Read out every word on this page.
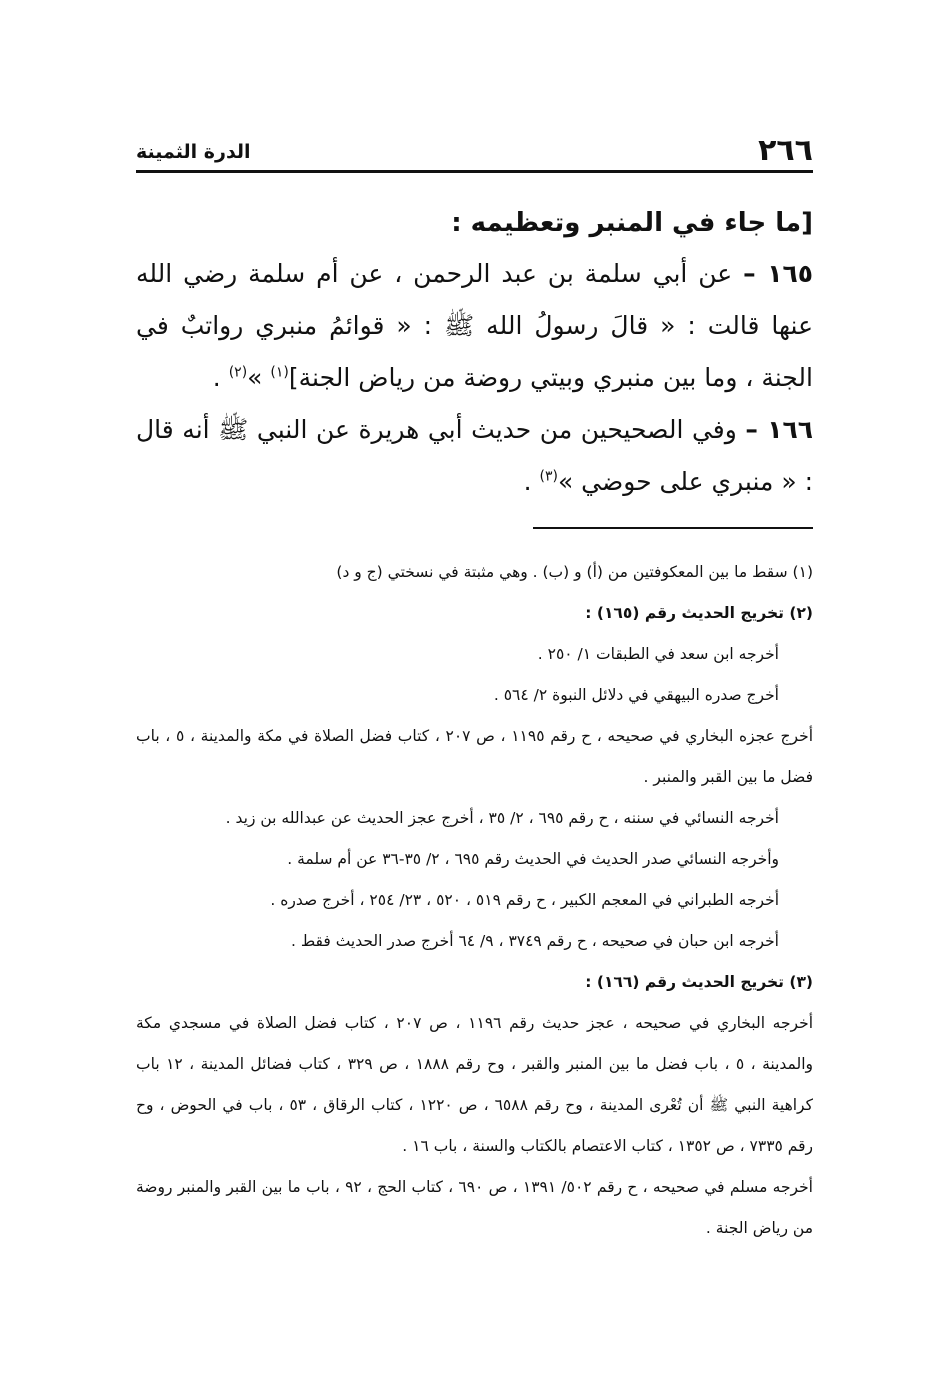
٢٦٦
الدرة الثمينة

[ما جاء في المنبر وتعظيمه :

١٦٥ – عن أبي سلمة بن عبد الرحمن ، عن أم سلمة رضي الله عنها قالت : « قالَ رسولُ الله ﷺ : « قوائمُ منبري رواتبٌ في الجنة ، وما بين منبري وبيتي روضة من رياض الجنة]$^{(١)}$ »$^{(٢)}$ .

١٦٦ – وفي الصحيحين من حديث أبي هريرة عن النبي ﷺ أنه قال : « منبري على حوضي »$^{(٣)}$ .

(١) سقط ما بين المعكوفتين من (أ) و (ب) . وهي مثبتة في نسختي (ج و د)

(٢) تخريج الحديث رقم (١٦٥) :

أخرجه ابن سعد في الطبقات ١/ ٢٥٠ .

أخرج صدره البيهقي في دلائل النبوة ٢/ ٥٦٤ .

أخرج عجزه البخاري في صحيحه ، ح رقم ١١٩٥ ، ص ٢٠٧ ، كتاب فضل الصلاة في مكة والمدينة ، ٥ ، باب فضل ما بين القبر والمنبر .

أخرجه النسائي في سننه ، ح رقم ٦٩٥ ، ٢/ ٣٥ ، أخرج عجز الحديث عن عبدالله بن زيد .

وأخرجه النسائي صدر الحديث في الحديث رقم ٦٩٥ ، ٢/ ٣٥-٣٦ عن أم سلمة .

أخرجه الطبراني في المعجم الكبير ، ح رقم ٥١٩ ، ٥٢٠ ، ٢٣/ ٢٥٤ ، أخرج صدره .

أخرجه ابن حبان في صحيحه ، ح رقم ٣٧٤٩ ، ٩/ ٦٤ أخرج صدر الحديث فقط .

(٣) تخريج الحديث رقم (١٦٦) :

أخرجه البخاري في صحيحه ، عجز حديث رقم ١١٩٦ ، ص ٢٠٧ ، كتاب فضل الصلاة في مسجدي مكة والمدينة ، ٥ ، باب فضل ما بين المنبر والقبر ، وح رقم ١٨٨٨ ، ص ٣٢٩ ، كتاب فضائل المدينة ، ١٢ باب كراهية النبي ﷺ أن تُعْرى المدينة ، وح رقم ٦٥٨٨ ، ص ١٢٢٠ ، كتاب الرقاق ، ٥٣ ، باب في الحوض ، وح رقم ٧٣٣٥ ، ص ١٣٥٢ ، كتاب الاعتصام بالكتاب والسنة ، باب ١٦ .

أخرجه مسلم في صحيحه ، ح رقم ٥٠٢/ ١٣٩١ ، ص ٦٩٠ ، كتاب الحج ، ٩٢ ، باب ما بين القبر والمنبر روضة من رياض الجنة .
